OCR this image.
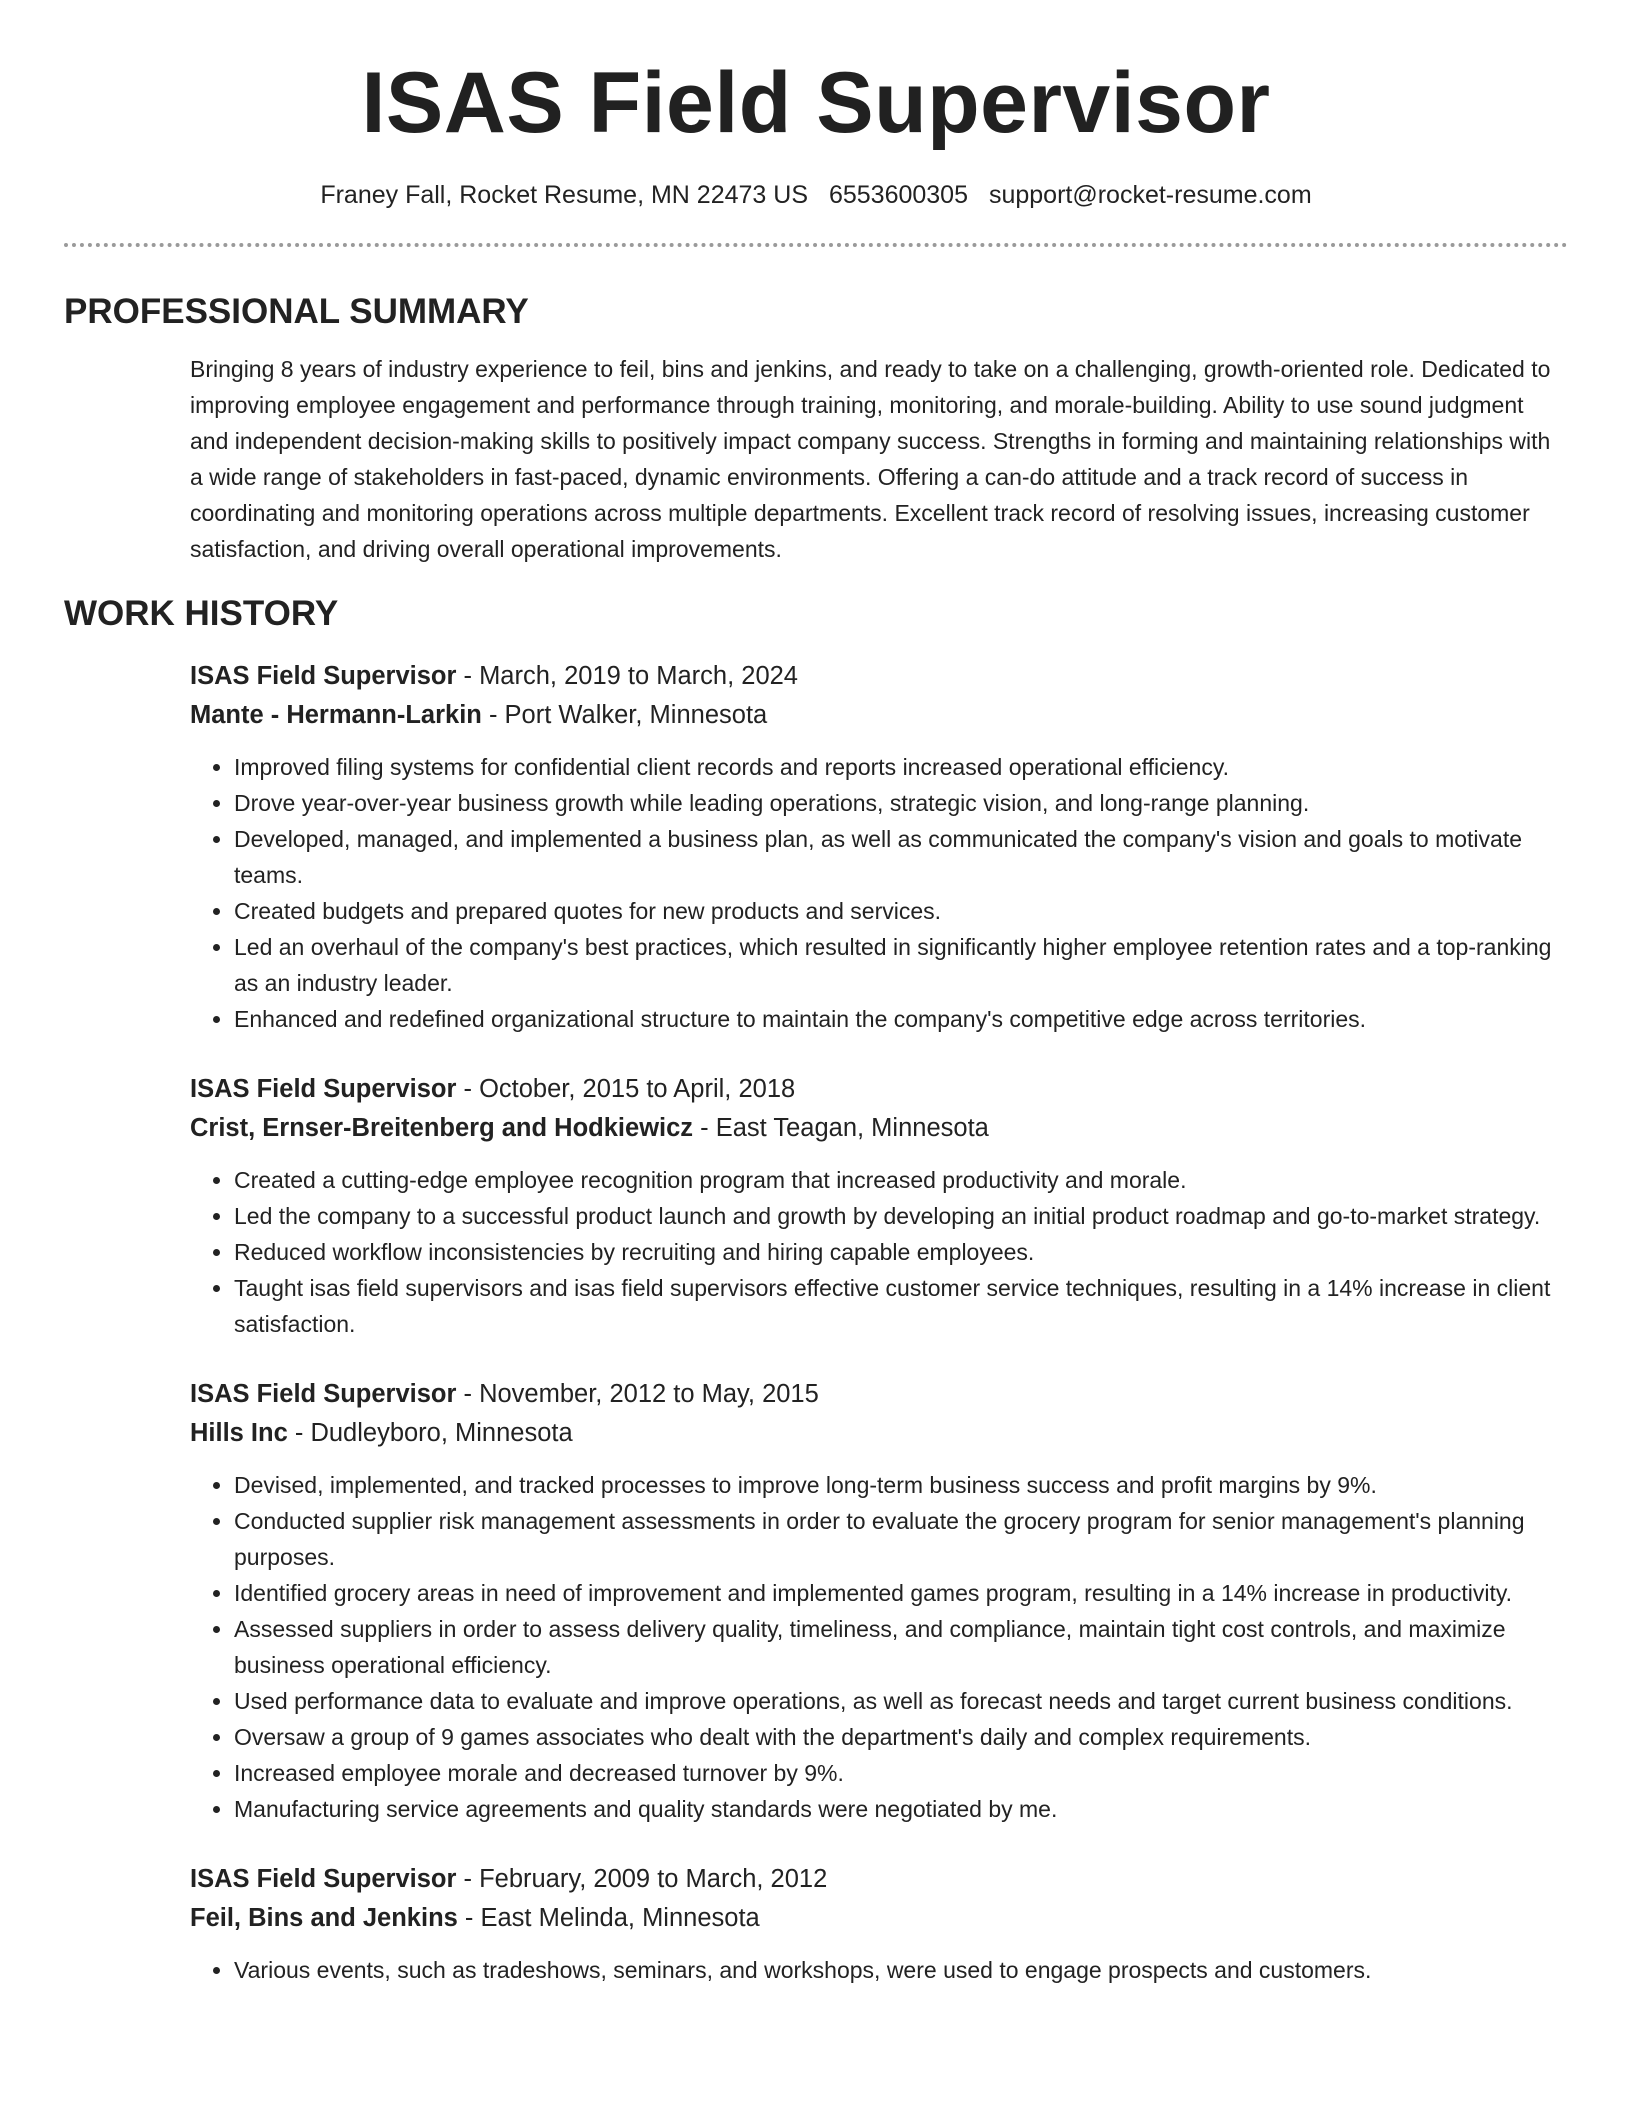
ISAS Field Supervisor
Franey Fall, Rocket Resume, MN 22473 US 6553600305 support@rocket-resume.com
PROFESSIONAL SUMMARY

Bringing 8 years of industry experience to feil, bins and jenkins, and ready to take on a challenging, growth-oriented role. Dedicated to improving employee engagement and performance through training, monitoring, and morale-building. Ability to use sound judgment and independent decision-making skills to positively impact company success. Strengths in forming and maintaining relationships with a wide range of stakeholders in fast-paced, dynamic environments. Offering a can-do attitude and a track record of success in coordinating and monitoring operations across multiple departments. Excellent track record of resolving issues, increasing customer satisfaction, and driving overall operational improvements.

WORK HISTORY
ISAS Field Supervisor - March, 2019 to March, 2024
Mante - Hermann-Larkin - Port Walker, Minnesota
• Improved filing systems for confidential client records and reports increased operational efficiency.
• Drove year-over-year business growth while leading operations, strategic vision, and long-range planning.
• Developed, managed, and implemented a business plan, as well as communicated the company's vision and goals to motivate teams.
• Created budgets and prepared quotes for new products and services.
• Led an overhaul of the company's best practices, which resulted in significantly higher employee retention rates and a top-ranking as an industry leader.
• Enhanced and redefined organizational structure to maintain the company's competitive edge across territories.
ISAS Field Supervisor - October, 2015 to April, 2018
Crist, Ernser-Breitenberg and Hodkiewicz - East Teagan, Minnesota
• Created a cutting-edge employee recognition program that increased productivity and morale.
• Led the company to a successful product launch and growth by developing an initial product roadmap and go-to-market strategy.
• Reduced workflow inconsistencies by recruiting and hiring capable employees.
• Taught isas field supervisors and isas field supervisors effective customer service techniques, resulting in a 14% increase in client satisfaction.
ISAS Field Supervisor - November, 2012 to May, 2015
Hills Inc - Dudleyboro, Minnesota
• Devised, implemented, and tracked processes to improve long-term business success and profit margins by 9%.
• Conducted supplier risk management assessments in order to evaluate the grocery program for senior management's planning purposes.
• Identified grocery areas in need of improvement and implemented games program, resulting in a 14% increase in productivity.
• Assessed suppliers in order to assess delivery quality, timeliness, and compliance, maintain tight cost controls, and maximize business operational efficiency.
• Used performance data to evaluate and improve operations, as well as forecast needs and target current business conditions.
• Oversaw a group of 9 games associates who dealt with the department's daily and complex requirements.
• Increased employee morale and decreased turnover by 9%.
• Manufacturing service agreements and quality standards were negotiated by me.
ISAS Field Supervisor - February, 2009 to March, 2012
Feil, Bins and Jenkins - East Melinda, Minnesota
• Various events, such as tradeshows, seminars, and workshops, were used to engage prospects and customers.
